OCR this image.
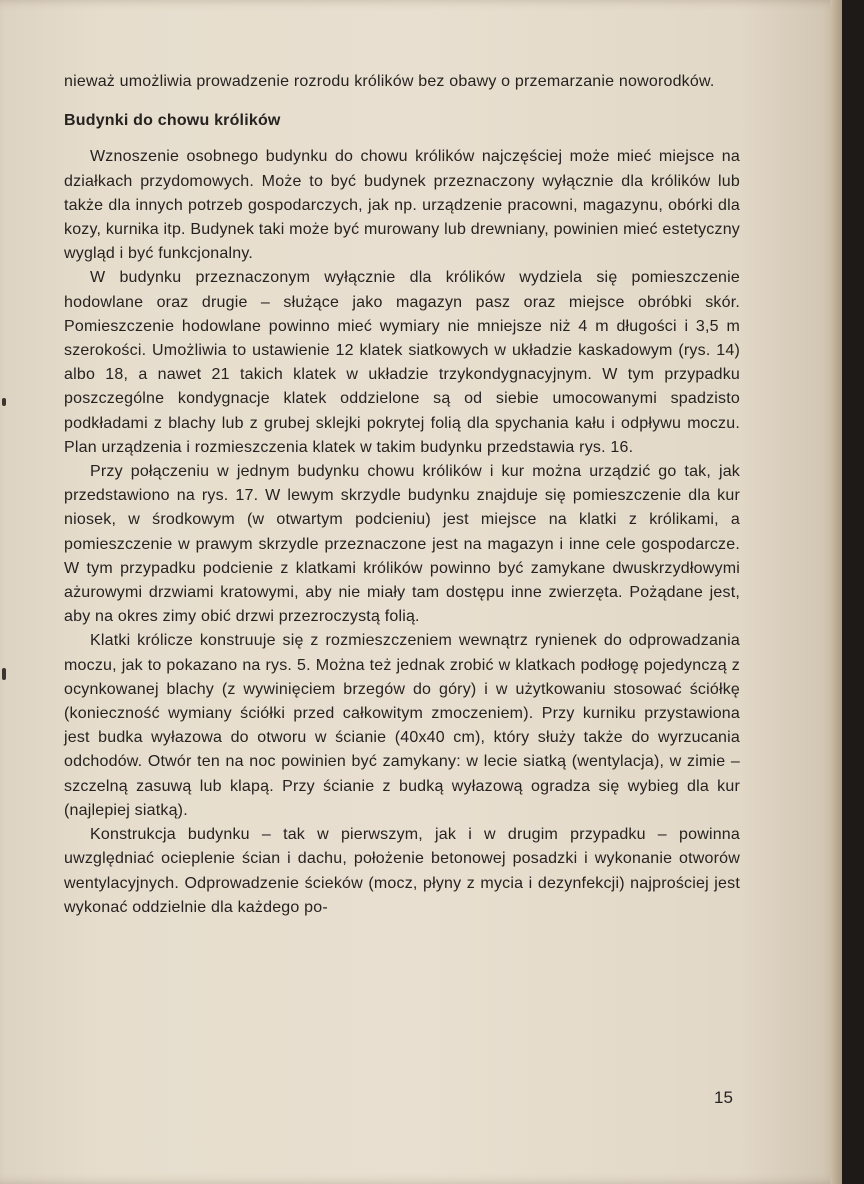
nieważ umożliwia prowadzenie rozrodu królików bez obawy o przemarzanie noworodków.

Budynki do chowu królików

Wznoszenie osobnego budynku do chowu królików najczęściej może mieć miejsce na działkach przydomowych. Może to być budynek przeznaczony wyłącznie dla królików lub także dla innych potrzeb gospodarczych, jak np. urządzenie pracowni, magazynu, obórki dla kozy, kurnika itp. Budynek taki może być murowany lub drewniany, powinien mieć estetyczny wygląd i być funkcjonalny.

W budynku przeznaczonym wyłącznie dla królików wydziela się pomieszczenie hodowlane oraz drugie – służące jako magazyn pasz oraz miejsce obróbki skór. Pomieszczenie hodowlane powinno mieć wymiary nie mniejsze niż 4 m długości i 3,5 m szerokości. Umożliwia to ustawienie 12 klatek siatkowych w układzie kaskadowym (rys. 14) albo 18, a nawet 21 takich klatek w układzie trzykondygnacyjnym. W tym przypadku poszczególne kondygnacje klatek oddzielone są od siebie umocowanymi spadzisto podkładami z blachy lub z grubej sklejki pokrytej folią dla spychania kału i odpływu moczu. Plan urządzenia i rozmieszczenia klatek w takim budynku przedstawia rys. 16.

Przy połączeniu w jednym budynku chowu królików i kur można urządzić go tak, jak przedstawiono na rys. 17. W lewym skrzydle budynku znajduje się pomieszczenie dla kur niosek, w środkowym (w otwartym podcieniu) jest miejsce na klatki z królikami, a pomieszczenie w prawym skrzydle przeznaczone jest na magazyn i inne cele gospodarcze. W tym przypadku podcienie z klatkami królików powinno być zamykane dwuskrzydłowymi ażurowymi drzwiami kratowymi, aby nie miały tam dostępu inne zwierzęta. Pożądane jest, aby na okres zimy obić drzwi przezroczystą folią.

Klatki królicze konstruuje się z rozmieszczeniem wewnątrz rynienek do odprowadzania moczu, jak to pokazano na rys. 5. Można też jednak zrobić w klatkach podłogę pojedynczą z ocynkowanej blachy (z wywinięciem brzegów do góry) i w użytkowaniu stosować ściółkę (konieczność wymiany ściółki przed całkowitym zmoczeniem). Przy kurniku przystawiona jest budka wyłazowa do otworu w ścianie (40x40 cm), który służy także do wyrzucania odchodów. Otwór ten na noc powinien być zamykany: w lecie siatką (wentylacja), w zimie – szczelną zasuwą lub klapą. Przy ścianie z budką wyłazową ogradza się wybieg dla kur (najlepiej siatką).

Konstrukcja budynku – tak w pierwszym, jak i w drugim przypadku – powinna uwzględniać ocieplenie ścian i dachu, położenie betonowej posadzki i wykonanie otworów wentylacyjnych. Odprowadzenie ścieków (mocz, płyny z mycia i dezynfekcji) najprościej jest wykonać oddzielnie dla każdego po-

15
